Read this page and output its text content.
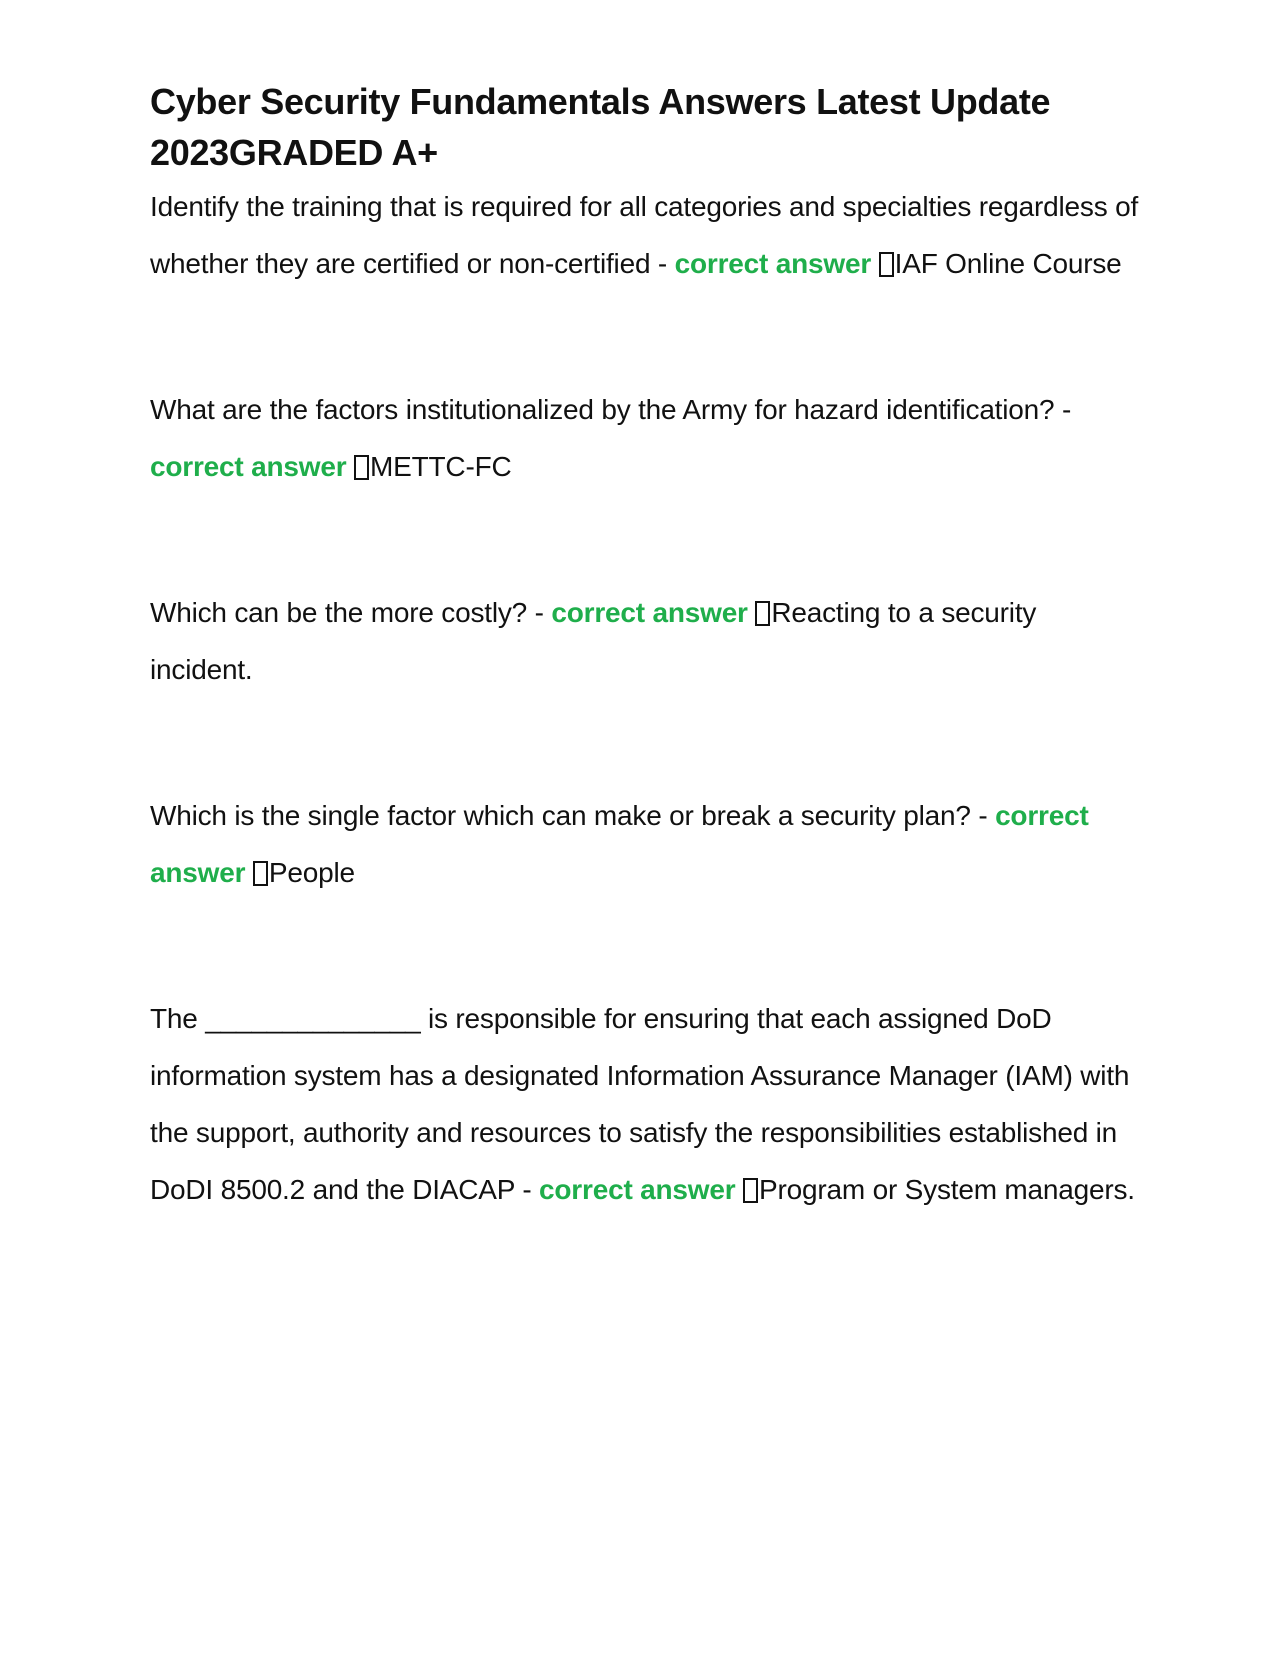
Cyber Security Fundamentals Answers Latest Update 2023GRADED A+

Identify the training that is required for all categories and specialties regardless of whether they are certified or non-certified - correct answer IAF Online Course

What are the factors institutionalized by the Army for hazard identification? - correct answer METTC-FC

Which can be the more costly? - correct answer Reacting to a security incident.

Which is the single factor which can make or break a security plan? - correct answer People

The ______________ is responsible for ensuring that each assigned DoD information system has a designated Information Assurance Manager (IAM) with the support, authority and resources to satisfy the responsibilities established in DoDI 8500.2 and the DIACAP - correct answer Program or System managers.
